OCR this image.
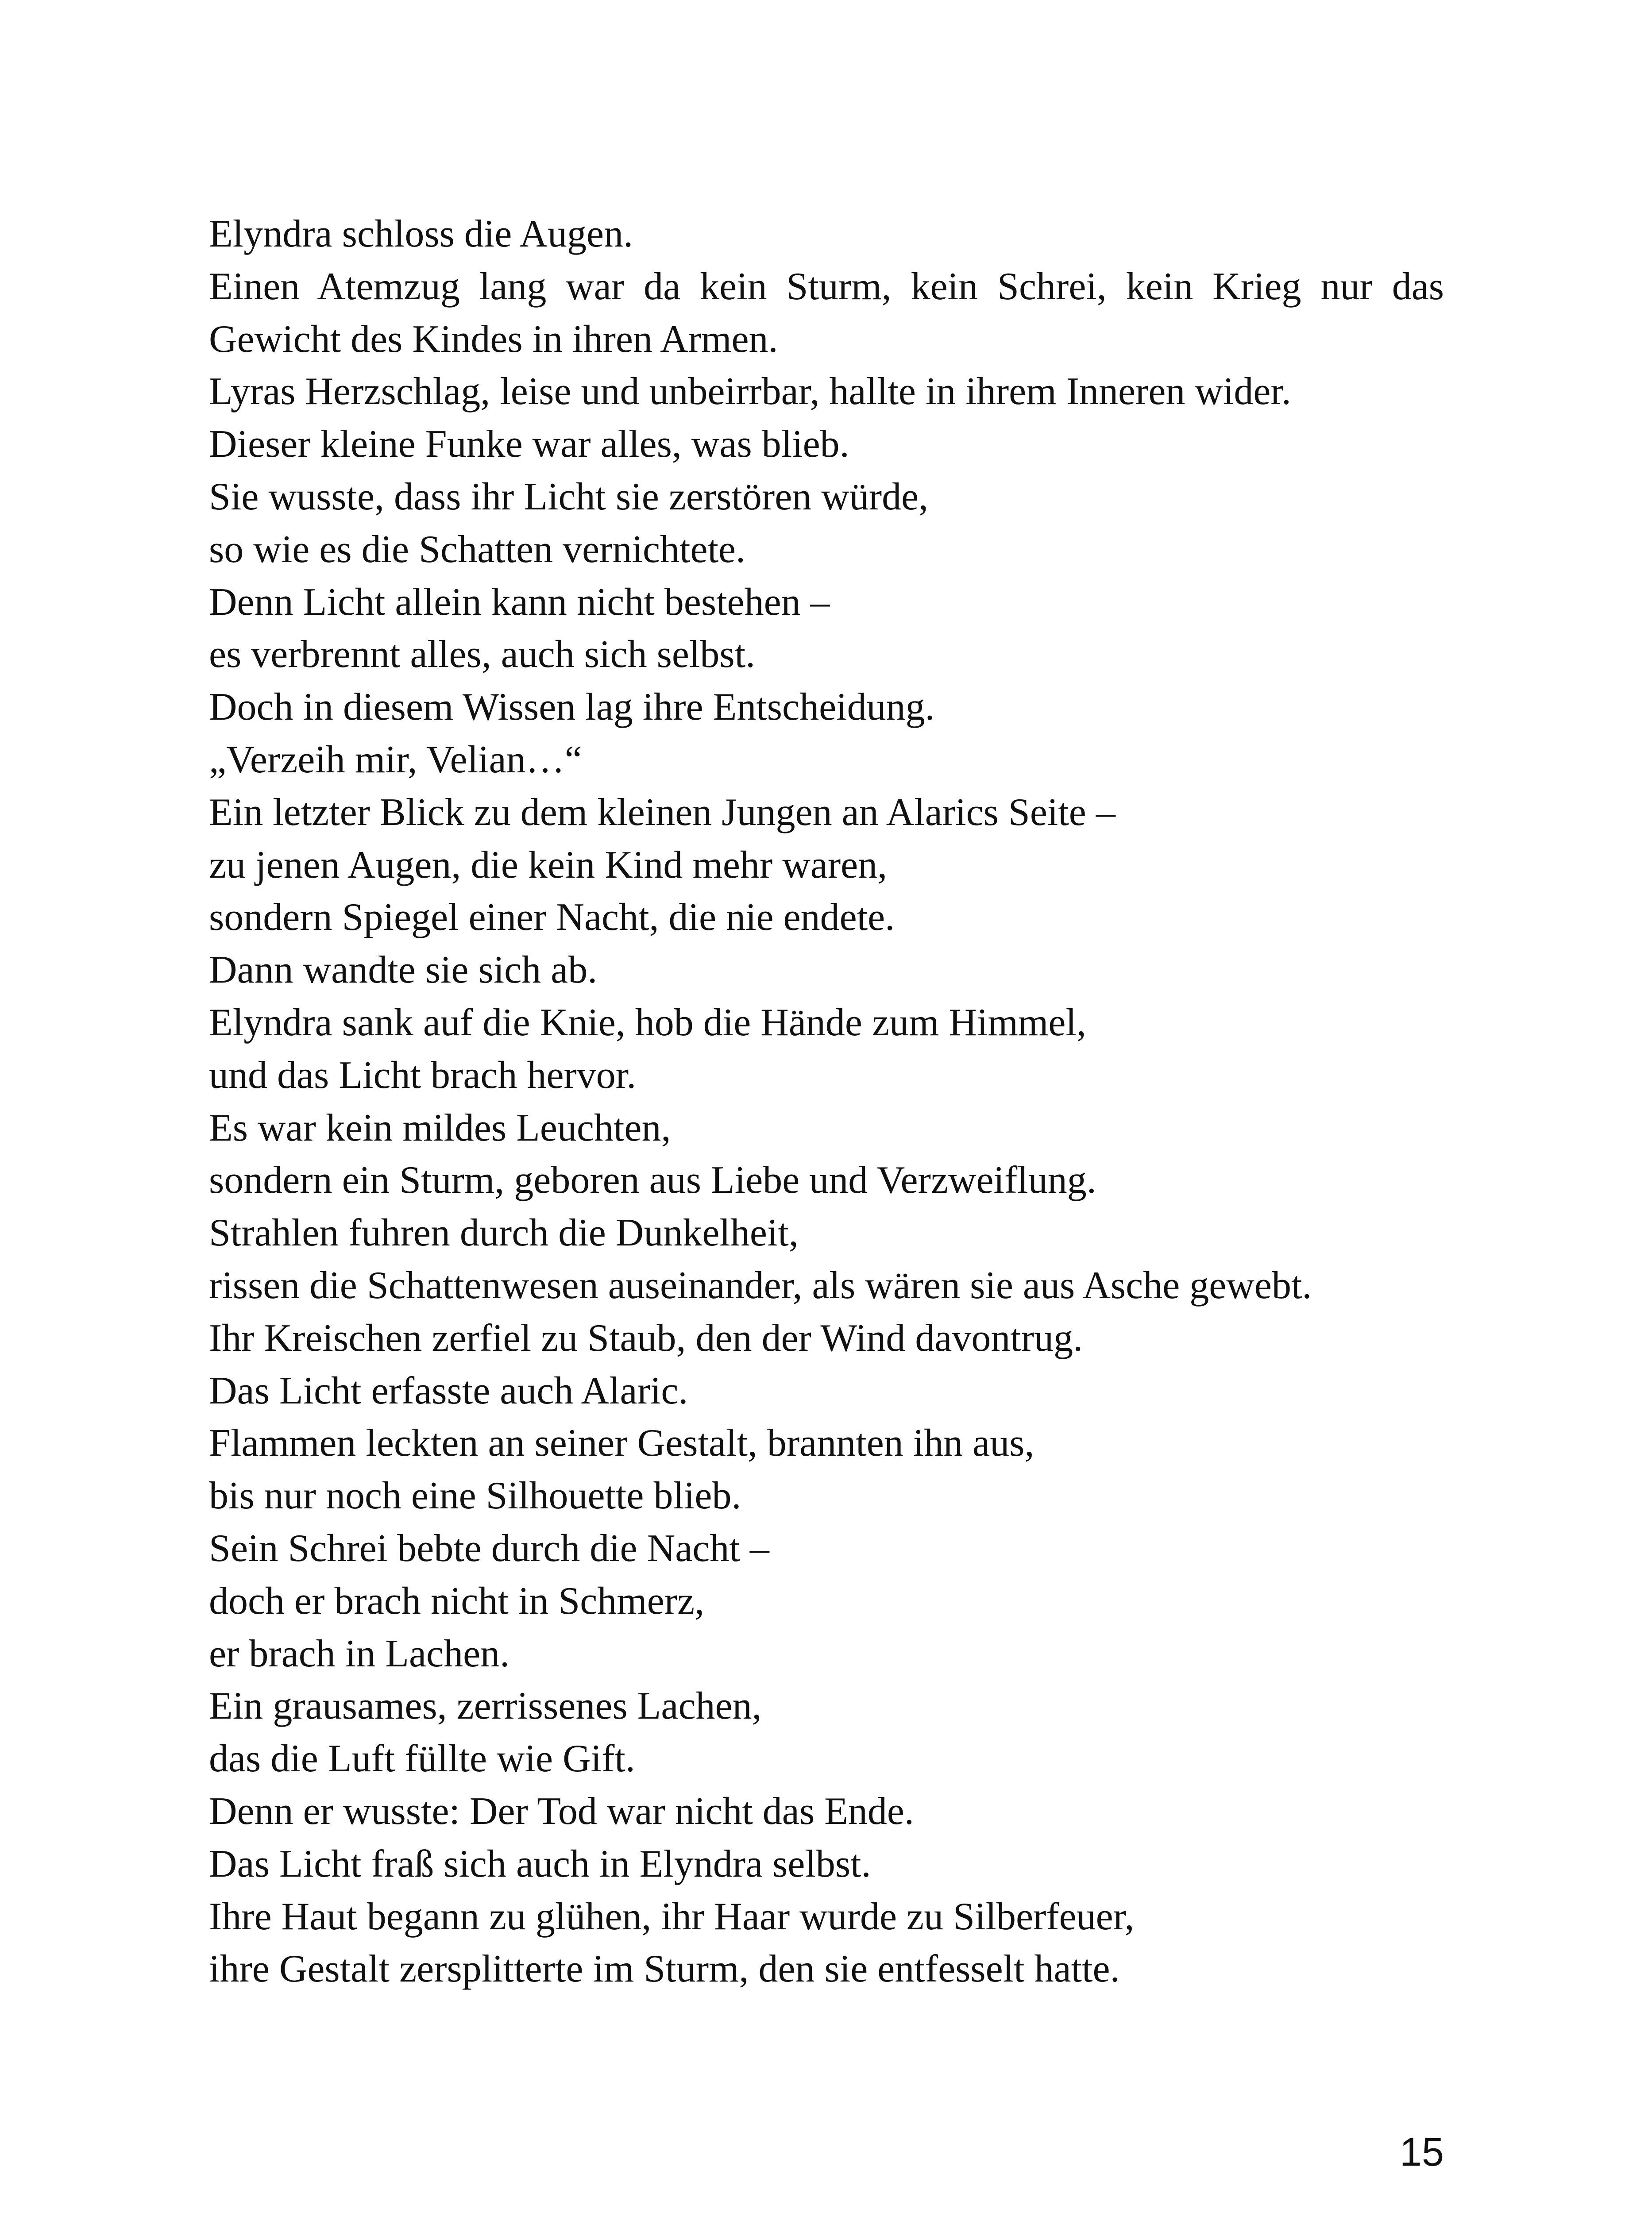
Elyndra schloss die Augen.
Einen Atemzug lang war da kein Sturm, kein Schrei, kein Krieg nur das
Gewicht des Kindes in ihren Armen.
Lyras Herzschlag, leise und unbeirrbar, hallte in ihrem Inneren wider.
Dieser kleine Funke war alles, was blieb.
Sie wusste, dass ihr Licht sie zerstören würde,
so wie es die Schatten vernichtete.
Denn Licht allein kann nicht bestehen –
es verbrennt alles, auch sich selbst.
Doch in diesem Wissen lag ihre Entscheidung.
„Verzeih mir, Velian…“
Ein letzter Blick zu dem kleinen Jungen an Alarics Seite –
zu jenen Augen, die kein Kind mehr waren,
sondern Spiegel einer Nacht, die nie endete.
Dann wandte sie sich ab.
Elyndra sank auf die Knie, hob die Hände zum Himmel,
und das Licht brach hervor.
Es war kein mildes Leuchten,
sondern ein Sturm, geboren aus Liebe und Verzweiflung.
Strahlen fuhren durch die Dunkelheit,
rissen die Schattenwesen auseinander, als wären sie aus Asche gewebt.
Ihr Kreischen zerfiel zu Staub, den der Wind davontrug.
Das Licht erfasste auch Alaric.
Flammen leckten an seiner Gestalt, brannten ihn aus,
bis nur noch eine Silhouette blieb.
Sein Schrei bebte durch die Nacht –
doch er brach nicht in Schmerz,
er brach in Lachen.
Ein grausames, zerrissenes Lachen,
das die Luft füllte wie Gift.
Denn er wusste: Der Tod war nicht das Ende.
Das Licht fraß sich auch in Elyndra selbst.
Ihre Haut begann zu glühen, ihr Haar wurde zu Silberfeuer,
ihre Gestalt zersplitterte im Sturm, den sie entfesselt hatte.
15
